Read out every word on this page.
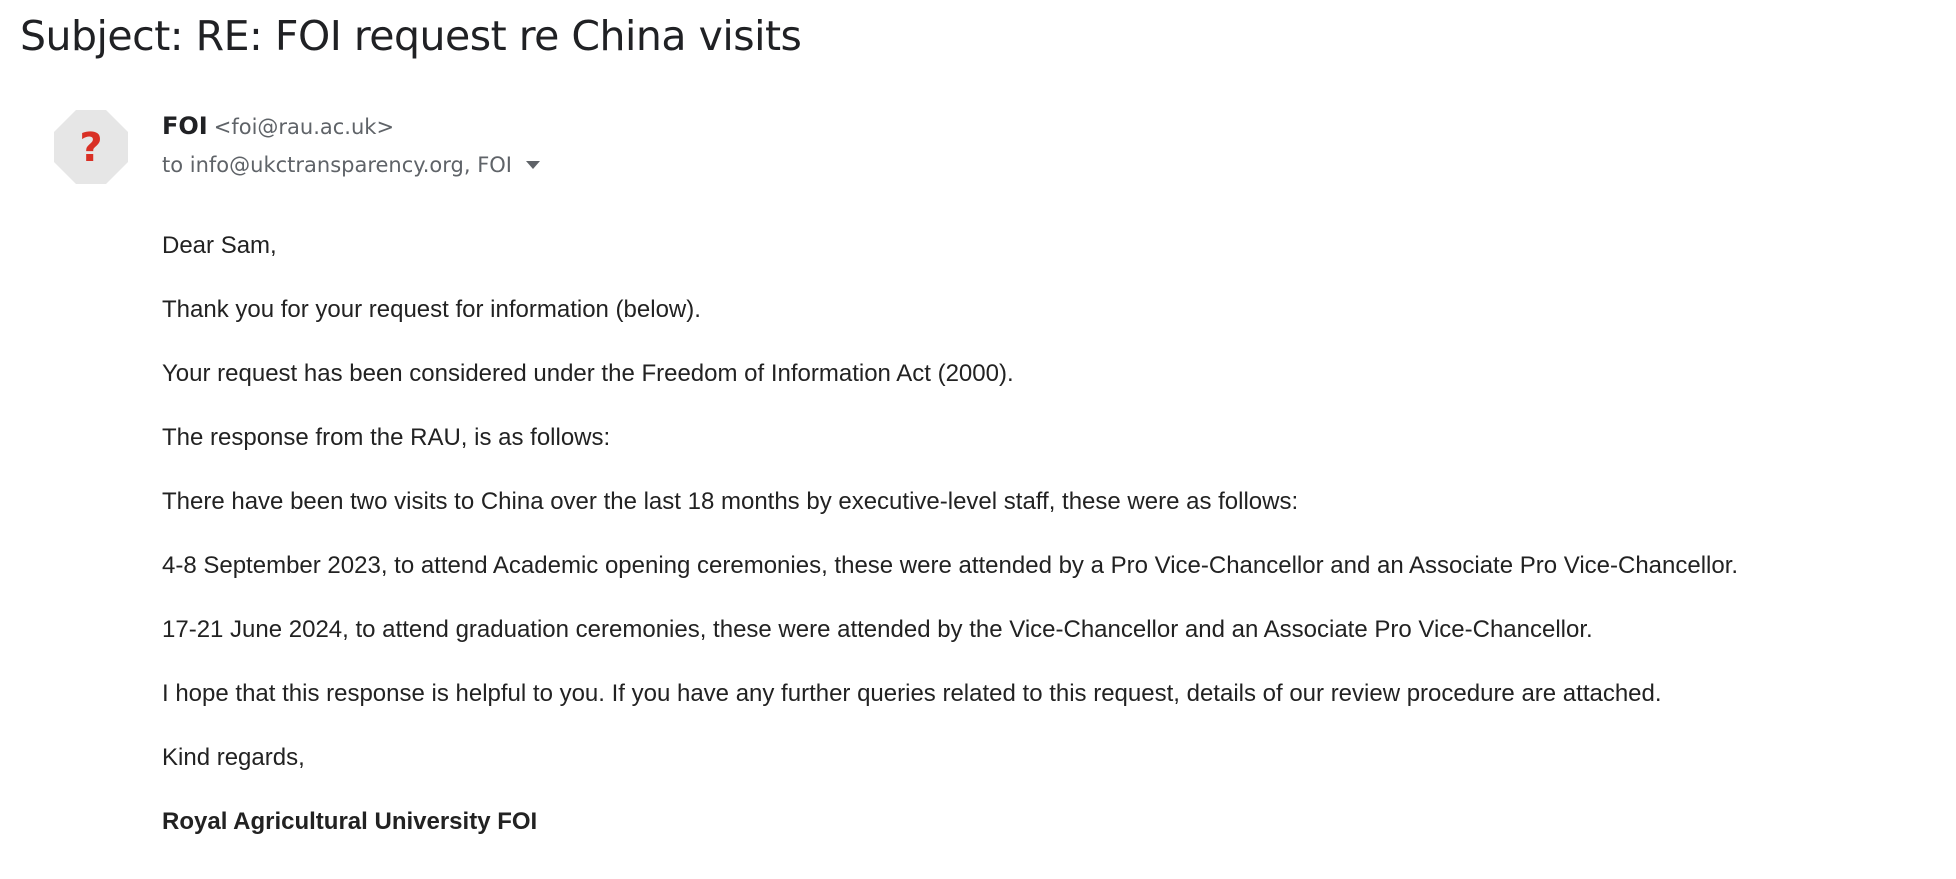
Subject: RE: FOI request re China visits
? FOI <foi@rau.ac.uk>
to info@ukctransparency.org, FOI

Dear Sam,

Thank you for your request for information (below).

Your request has been considered under the Freedom of Information Act (2000).

The response from the RAU, is as follows:

There have been two visits to China over the last 18 months by executive-level staff, these were as follows:

4-8 September 2023, to attend Academic opening ceremonies, these were attended by a Pro Vice-Chancellor and an Associate Pro Vice-Chancellor.

17-21 June 2024, to attend graduation ceremonies, these were attended by the Vice-Chancellor and an Associate Pro Vice-Chancellor.

I hope that this response is helpful to you. If you have any further queries related to this request, details of our review procedure are attached.

Kind regards,

Royal Agricultural University FOI
